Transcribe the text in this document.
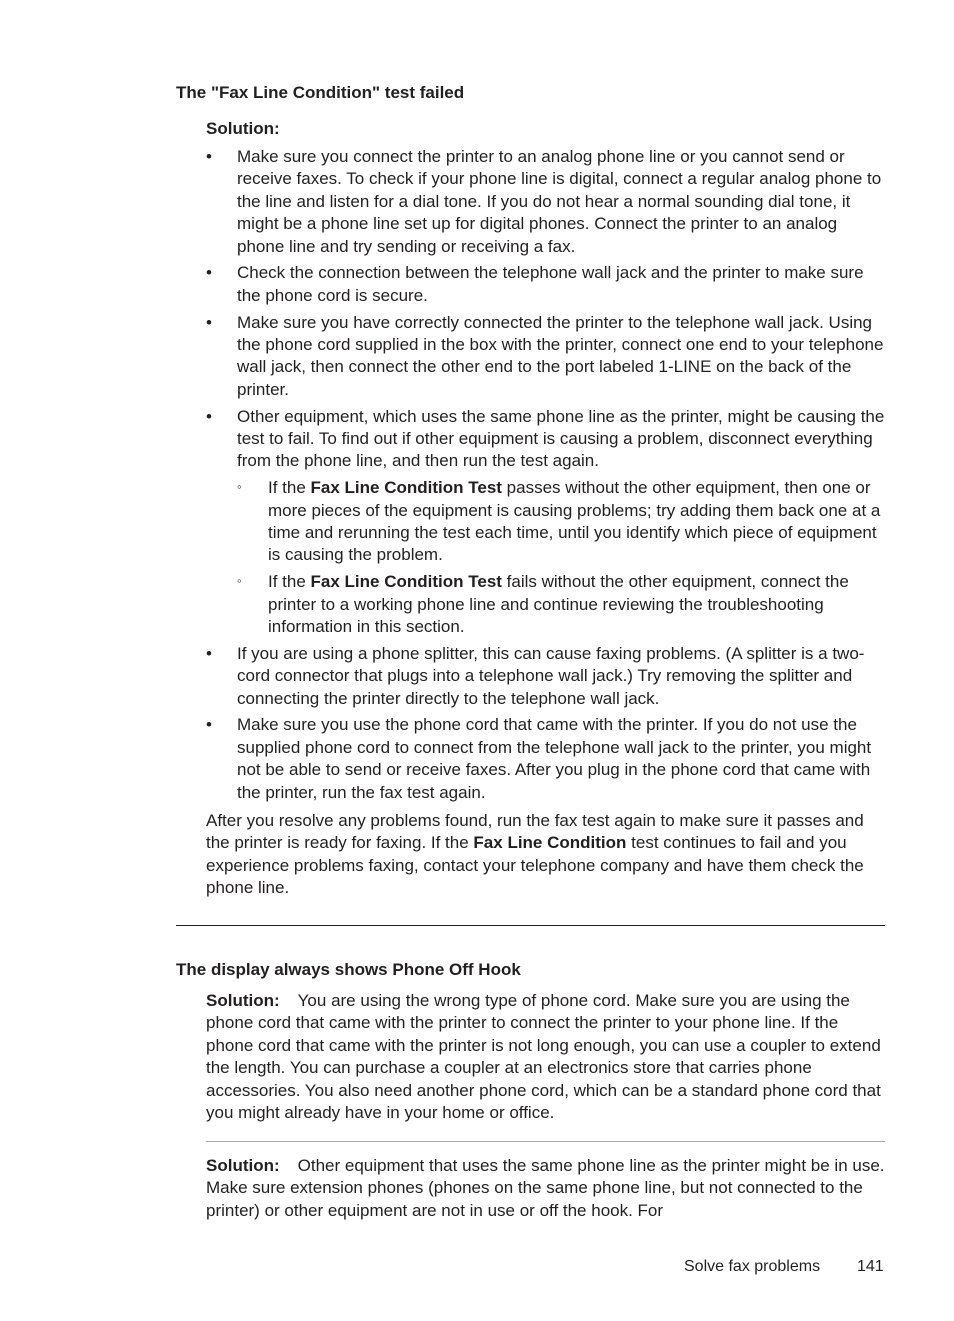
The "Fax Line Condition" test failed

Solution:

• Make sure you connect the printer to an analog phone line or you cannot send or receive faxes. To check if your phone line is digital, connect a regular analog phone to the line and listen for a dial tone. If you do not hear a normal sounding dial tone, it might be a phone line set up for digital phones. Connect the printer to an analog phone line and try sending or receiving a fax.
• Check the connection between the telephone wall jack and the printer to make sure the phone cord is secure.
• Make sure you have correctly connected the printer to the telephone wall jack. Using the phone cord supplied in the box with the printer, connect one end to your telephone wall jack, then connect the other end to the port labeled 1-LINE on the back of the printer.
• Other equipment, which uses the same phone line as the printer, might be causing the test to fail. To find out if other equipment is causing a problem, disconnect everything from the phone line, and then run the test again.
◦ If the Fax Line Condition Test passes without the other equipment, then one or more pieces of the equipment is causing problems; try adding them back one at a time and rerunning the test each time, until you identify which piece of equipment is causing the problem.
◦ If the Fax Line Condition Test fails without the other equipment, connect the printer to a working phone line and continue reviewing the troubleshooting information in this section.
• If you are using a phone splitter, this can cause faxing problems. (A splitter is a two-cord connector that plugs into a telephone wall jack.) Try removing the splitter and connecting the printer directly to the telephone wall jack.
• Make sure you use the phone cord that came with the printer. If you do not use the supplied phone cord to connect from the telephone wall jack to the printer, you might not be able to send or receive faxes. After you plug in the phone cord that came with the printer, run the fax test again.

After you resolve any problems found, run the fax test again to make sure it passes and the printer is ready for faxing. If the Fax Line Condition test continues to fail and you experience problems faxing, contact your telephone company and have them check the phone line.

The display always shows Phone Off Hook

Solution: You are using the wrong type of phone cord. Make sure you are using the phone cord that came with the printer to connect the printer to your phone line. If the phone cord that came with the printer is not long enough, you can use a coupler to extend the length. You can purchase a coupler at an electronics store that carries phone accessories. You also need another phone cord, which can be a standard phone cord that you might already have in your home or office.

Solution: Other equipment that uses the same phone line as the printer might be in use. Make sure extension phones (phones on the same phone line, but not connected to the printer) or other equipment are not in use or off the hook. For

Solve fax problems 141
